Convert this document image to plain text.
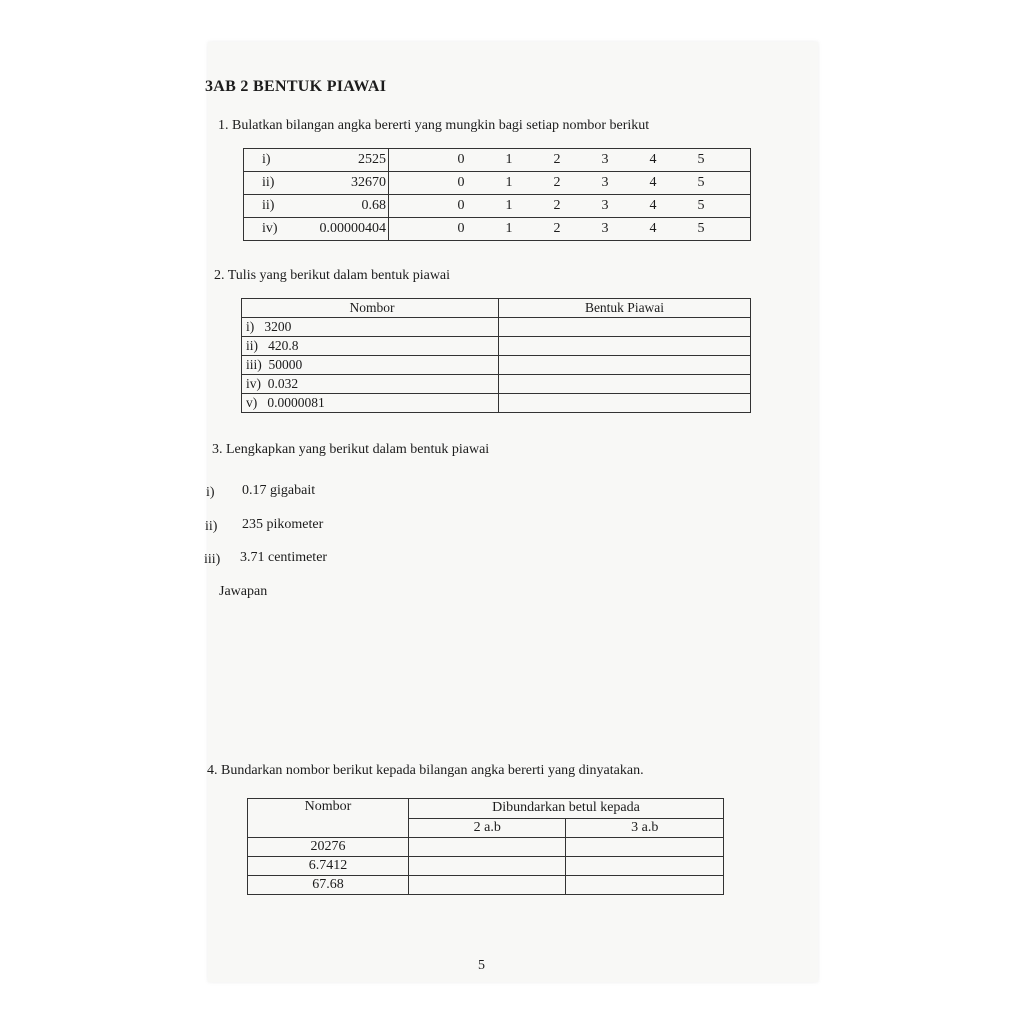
3AB 2 BENTUK PIAWAI
1. Bulatkan bilangan angka bererti yang mungkin bagi setiap nombor berikut
i) 2525	0 1 2 3 4 5
ii) 32670	0 1 2 3 4 5
ii) 0.68	0 1 2 3 4 5
iv) 0.00000404	0 1 2 3 4 5
2. Tulis yang berikut dalam bentuk piawai
Nombor	Bentuk Piawai
i)   3200	
ii)   420.8	
iii)  50000	
iv)  0.032	
v)   0.0000081	
3. Lengkapkan yang berikut dalam bentuk piawai
i) 0.17 gigabait
ii) 235 pikometer
iii) 3.71 centimeter
Jawapan
4. Bundarkan nombor berikut kepada bilangan angka bererti yang dinyatakan.
Nombor	Dibundarkan betul kepada	
	2 a.b	3 a.b
20276		
6.7412		
67.68		
5
